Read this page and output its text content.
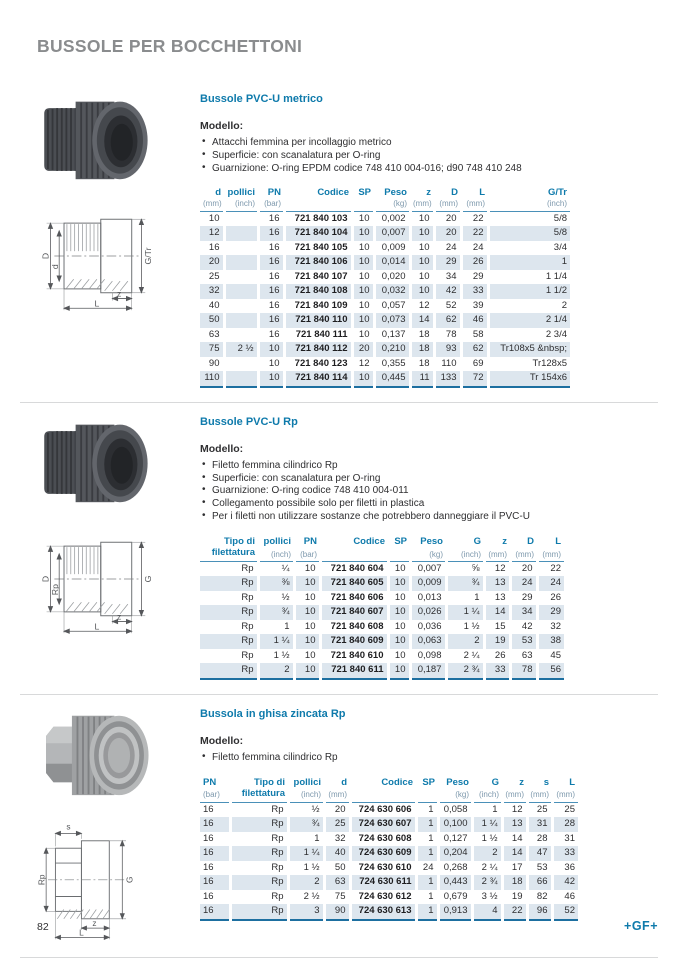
BUSSOLE PER BOCCHETTONI
D
d
G/Tr
z
L
Bussole PVC-U metrico
Modello:
• Attacchi femmina per incollaggio metrico
• Superficie: con scanalatura per O-ring
• Guarnizione: O-ring EPDM codice 748 410 004-016; d90 748 410 248
d	pollici	PN	Codice	SP	Peso	z	D	L	G/Tr
(mm)	(inch)	(bar)			(kg)	(mm)	(mm)	(mm)	(inch)
10		16	721 840 103	10	0,002	10	20	22	5/8
12		16	721 840 104	10	0,007	10	20	22	5/8
16		16	721 840 105	10	0,009	10	24	24	3/4
20		16	721 840 106	10	0,014	10	29	26	1
25		16	721 840 107	10	0,020	10	34	29	1 1/4
32		16	721 840 108	10	0,032	10	42	33	1 1/2
40		16	721 840 109	10	0,057	12	52	39	2
50		16	721 840 110	10	0,073	14	62	46	2 1/4
63		16	721 840 111	10	0,137	18	78	58	2 3/4
75	2 ½	10	721 840 112	20	0,210	18	93	62	Tr108x5 &nbsp;
90		10	721 840 123	12	0,355	18	110	69	Tr128x5
110		10	721 840 114	10	0,445	11	133	72	Tr 154x6
D
Rp
G
z
L
Bussole PVC-U Rp
Modello:
• Filetto femmina cilindrico Rp
• Superficie: con scanalatura per O-ring
• Guarnizione: O-ring codice 748 410 004-011
• Collegamento possibile solo per filetti in plastica
• Per i filetti non utilizzare sostanze che potrebbero danneggiare il PVC-U
Tipo di	pollici	PN	Codice	SP	Peso	G	z	D	L
filettatura	(inch)	(bar)			(kg)	(inch)	(mm)	(mm)	(mm)
Rp	¼	10	721 840 604	10	0,007	⅝	12	20	22
Rp	⅜	10	721 840 605	10	0,009	¾	13	24	24
Rp	½	10	721 840 606	10	0,013	1	13	29	26
Rp	¾	10	721 840 607	10	0,026	1 ¼	14	34	29
Rp	1	10	721 840 608	10	0,036	1 ½	15	42	32
Rp	1 ¼	10	721 840 609	10	0,063	2	19	53	38
Rp	1 ½	10	721 840 610	10	0,098	2 ¼	26	63	45
Rp	2	10	721 840 611	10	0,187	2 ¾	33	78	56
s
Rp	G
z
L
Bussola in ghisa zincata Rp
Modello:
• Filetto femmina cilindrico Rp
PN	Tipo di	pollici	d	Codice	SP	Peso	G	z	s	L
(bar)	filettatura	(inch)	(mm)			(kg)	(inch)	(mm)	(mm)	(mm)
16	Rp	½	20	724 630 606	1	0,058	1	12	25	25
16	Rp	¾	25	724 630 607	1	0,100	1 ¼	13	31	28
16	Rp	1	32	724 630 608	1	0,127	1 ½	14	28	31
16	Rp	1 ¼	40	724 630 609	1	0,204	2	14	47	33
16	Rp	1 ½	50	724 630 610	24	0,268	2 ¼	17	53	36
16	Rp	2	63	724 630 611	1	0,443	2 ¾	18	66	42
16	Rp	2 ½	75	724 630 612	1	0,679	3 ½	19	82	46
16	Rp	3	90	724 630 613	1	0,913	4	22	96	52
82	+GF+
